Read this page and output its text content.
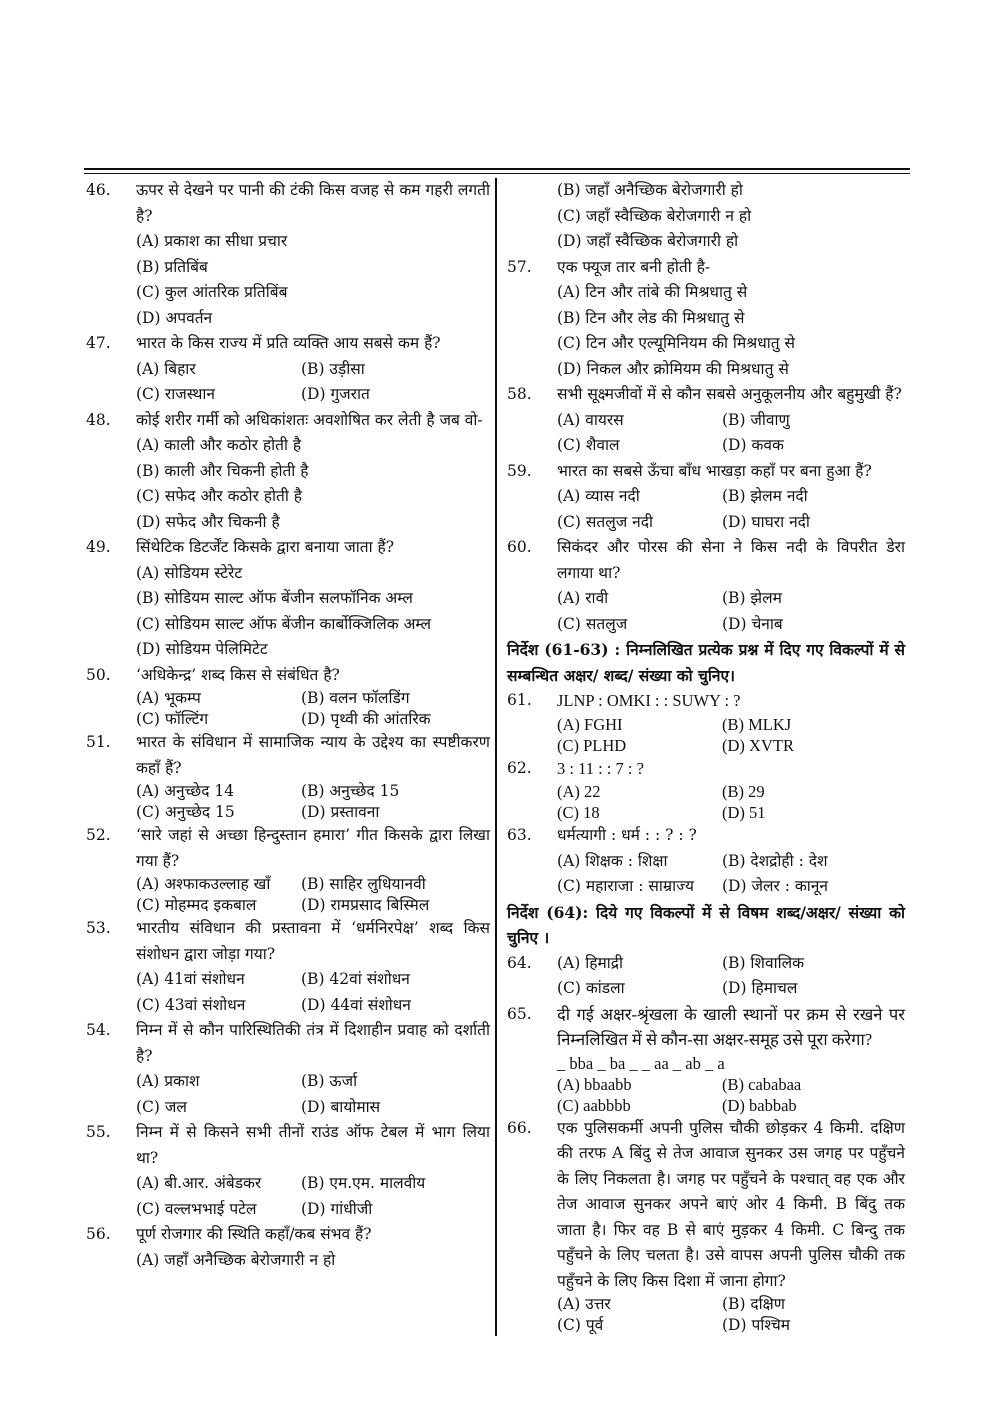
46. ऊपर से देखने पर पानी की टंकी किस वजह से कम गहरी लगती है?
(A) प्रकाश का सीधा प्रचार
(B) प्रतिबिंब
(C) कुल आंतरिक प्रतिबिंब
(D) अपवर्तन
47. भारत के किस राज्य में प्रति व्यक्ति आय सबसे कम हैं?
(A) बिहार	(B) उड़ीसा
(C) राजस्थान	(D) गुजरात
48. कोई शरीर गर्मी को अधिकांशतः अवशोषित कर लेती है जब वो-
(A) काली और कठोर होती है
(B) काली और चिकनी होती है
(C) सफेद और कठोर होती है
(D) सफेद और चिकनी है
49. सिंथेटिक डिटर्जेंट किसके द्वारा बनाया जाता हैं?
(A) सोडियम स्टेरेट
(B) सोडियम साल्ट ऑफ बेंजीन सलफॉनिक अम्ल
(C) सोडियम साल्ट ऑफ बेंजीन कार्बोक्जिलिक अम्ल
(D) सोडियम पेलिमिटेट
50. ‘अधिकेन्द्र’ शब्द किस से संबंधित है?
(A) भूकम्प	(B) वलन फॉलडिंग
(C) फॉल्टिंग	(D) पृथ्वी की आंतरिक
51. भारत के संविधान में सामाजिक न्याय के उद्देश्य का स्पष्टीकरण कहाँ हैं?
(A) अनुच्छेद 14	(B) अनुच्छेद 15
(C) अनुच्छेद 15	(D) प्रस्तावना
52. ‘सारे जहां से अच्छा हिन्दुस्तान हमारा’ गीत किसके द्वारा लिखा गया हैं?
(A) अश्फाकउल्लाह खाँ	(B) साहिर लुधियानवी
(C) मोहम्मद इकबाल	(D) रामप्रसाद बिस्मिल
53. भारतीय संविधान की प्रस्तावना में ‘धर्मनिरपेक्ष’ शब्द किस संशोधन द्वारा जोड़ा गया?
(A) 41वां संशोधन	(B) 42वां संशोधन
(C) 43वां संशोधन	(D) 44वां संशोधन
54. निम्न में से कौन पारिस्थितिकी तंत्र में दिशाहीन प्रवाह को दर्शाती है?
(A) प्रकाश	(B) ऊर्जा
(C) जल	(D) बायोमास
55. निम्न में से किसने सभी तीनों राउंड ऑफ टेबल में भाग लिया था?
(A) बी.आर. अंबेडकर	(B) एम.एम. मालवीय
(C) वल्लभभाई पटेल	(D) गांधीजी
56. पूर्ण रोजगार की स्थिति कहाँ/कब संभव हैं?
(A) जहाँ अनैच्छिक बेरोजगारी न हो
(B) जहाँ अनैच्छिक बेरोजगारी हो
(C) जहाँ स्वैच्छिक बेरोजगारी न हो
(D) जहाँ स्वैच्छिक बेरोजगारी हो
57. एक फ्यूज तार बनी होती है-
(A) टिन और तांबे की मिश्रधातु से
(B) टिन और लेड की मिश्रधातु से
(C) टिन और एल्यूमिनियम की मिश्रधातु से
(D) निकल और क्रोमियम की मिश्रधातु से
58. सभी सूक्ष्मजीवों में से कौन सबसे अनुकूलनीय और बहुमुखी हैं?
(A) वायरस	(B) जीवाणु
(C) शैवाल	(D) कवक
59. भारत का सबसे ऊँचा बाँध भाखड़ा कहाँ पर बना हुआ हैं?
(A) व्यास नदी	(B) झेलम नदी
(C) सतलुज नदी	(D) घाघरा नदी
60. सिकंदर और पोरस की सेना ने किस नदी के विपरीत डेरा लगाया था?
(A) रावी	(B) झेलम
(C) सतलुज	(D) चेनाब
निर्देश (61-63) : निम्नलिखित प्रत्येक प्रश्न में दिए गए विकल्पों में से सम्बन्धित अक्षर/ शब्द/ संख्या को चुनिए।
61. JLNP : OMKI : : SUWY : ?
(A) FGHI	(B) MLKJ
(C) PLHD	(D) XVTR
62. 3 : 11 : : 7 : ?
(A) 22	(B) 29
(C) 18	(D) 51
63. धर्मत्यागी : धर्म : : ? : ?
(A) शिक्षक : शिक्षा	(B) देशद्रोही : देश
(C) महाराजा : साम्राज्य	(D) जेलर : कानून
निर्देश (64): दिये गए विकल्पों में से विषम शब्द/अक्षर/ संख्या को चुनिए ।
64. (A) हिमाद्री	(B) शिवालिक
(C) कांडला	(D) हिमाचल
65. दी गई अक्षर-श्रृंखला के खाली स्थानों पर क्रम से रखने पर निम्नलिखित में से कौन-सा अक्षर-समूह उसे पूरा करेगा?
_ bba _ ba _ _ aa _ ab _ a
(A) bbaabb	(B) cababaa
(C) aabbbb	(D) babbab
66. एक पुलिसकर्मी अपनी पुलिस चौकी छोड़कर 4 किमी. दक्षिण की तरफ A बिंदु से तेज आवाज सुनकर उस जगह पर पहुँचने के लिए निकलता है। जगह पर पहुँचने के पश्चात् वह एक और तेज आवाज सुनकर अपने बाएं ओर 4 किमी. B बिंदु तक जाता है। फिर वह B से बाएं मुड़कर 4 किमी. C बिन्दु तक पहुँचने के लिए चलता है। उसे वापस अपनी पुलिस चौकी तक पहुँचने के लिए किस दिशा में जाना होगा?
(A) उत्तर	(B) दक्षिण
(C) पूर्व	(D) पश्चिम
